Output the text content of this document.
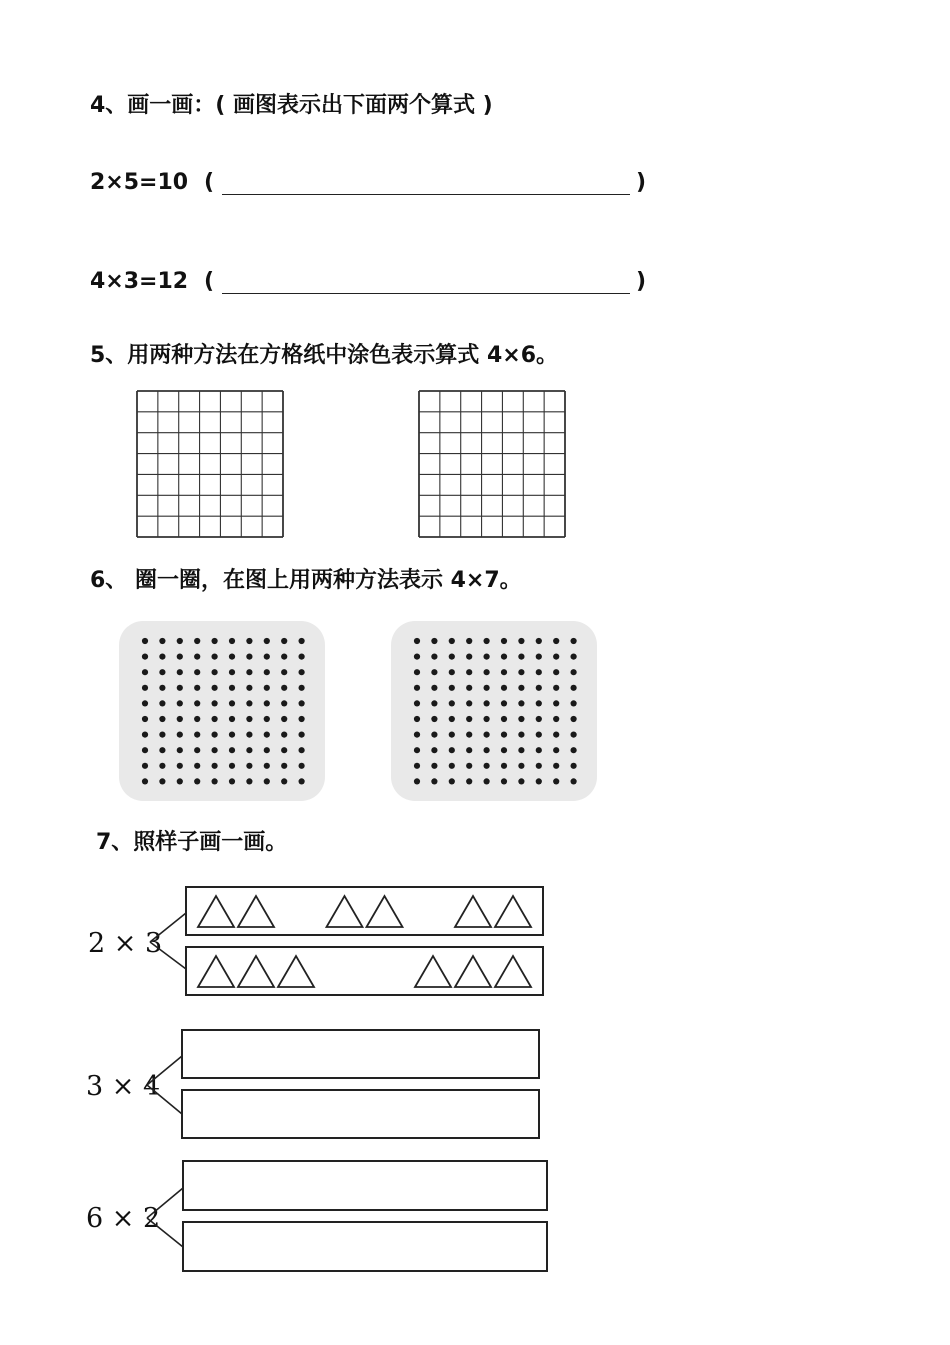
4、画一画：( 画图表示出下面两个算式 )
2×5=10 (	)
4×3=12 (	)
5、用两种方法在方格纸中涂色表示算式 4×6。
6、 圈一圈，在图上用两种方法表示 4×7。
7、照样子画一画。
2 × 3
3 × 4
6 × 2
